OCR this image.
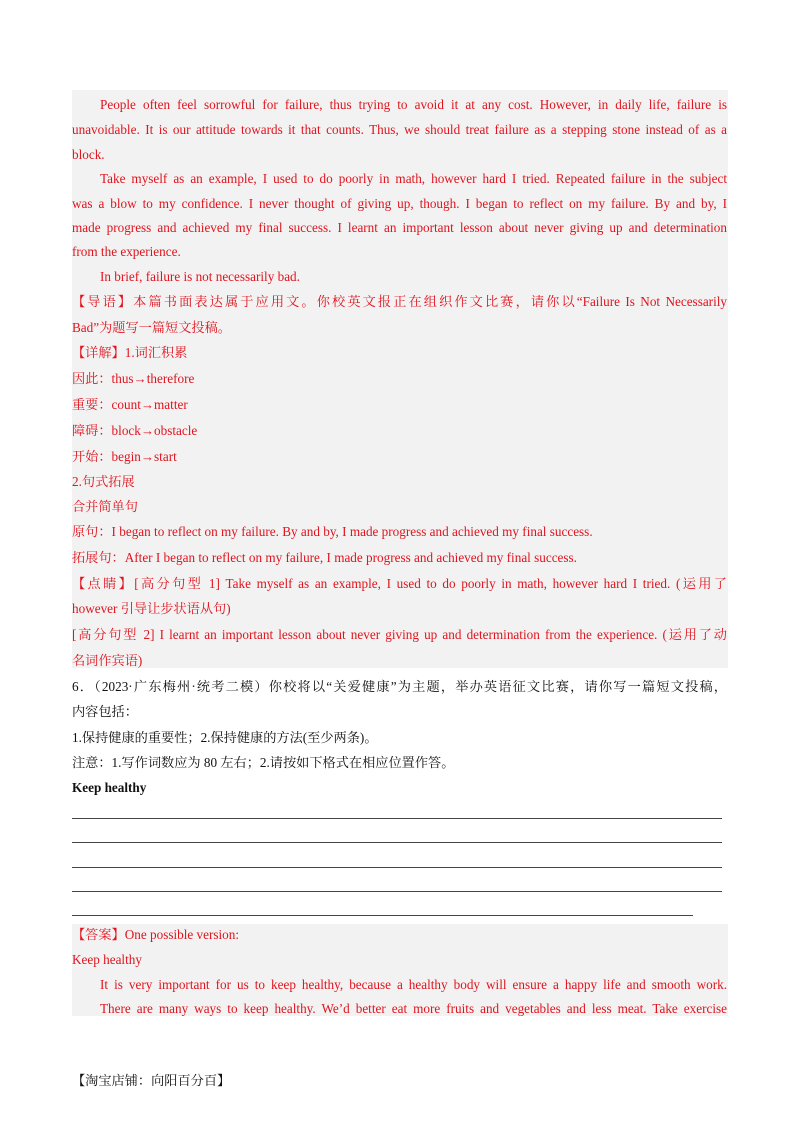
People often feel sorrowful for failure, thus trying to avoid it at any cost. However, in daily life, failure is
unavoidable. It is our attitude towards it that counts. Thus, we should treat failure as a stepping stone instead of as a
block.
Take myself as an example, I used to do poorly in math, however hard I tried. Repeated failure in the subject
was a blow to my confidence. I never thought of giving up, though. I began to reflect on my failure. By and by, I
made progress and achieved my final success. I learnt an important lesson about never giving up and determination
from the experience.
In brief, failure is not necessarily bad.
【导语】本篇书面表达属于应用文。你校英文报正在组织作文比赛，请你以“Failure Is Not Necessarily
Bad”为题写一篇短文投稿。
【详解】1.词汇积累
因此：thus→therefore
重要：count→matter
障碍：block→obstacle
开始：begin→start
2.句式拓展
合并简单句
原句：I began to reflect on my failure. By and by, I made progress and achieved my final success.
拓展句：After I began to reflect on my failure, I made progress and achieved my final success.
【点睛】[高分句型 1] Take myself as an example, I used to do poorly in math, however hard I tried. (运用了
however 引导让步状语从句)
[高分句型 2] I learnt an important lesson about never giving up and determination from the experience. (运用了动
名词作宾语)
6．（2023·广东梅州·统考二模）你校将以“关爱健康”为主题，举办英语征文比赛，请你写一篇短文投稿，
内容包括：
1.保持健康的重要性；2.保持健康的方法(至少两条)。
注意：1.写作词数应为 80 左右；2.请按如下格式在相应位置作答。
Keep healthy
【答案】One possible version:
Keep healthy
It is very important for us to keep healthy, because a healthy body will ensure a happy life and smooth work.
There are many ways to keep healthy. We’d better eat more fruits and vegetables and less meat. Take exercise
【淘宝店铺：向阳百分百】
